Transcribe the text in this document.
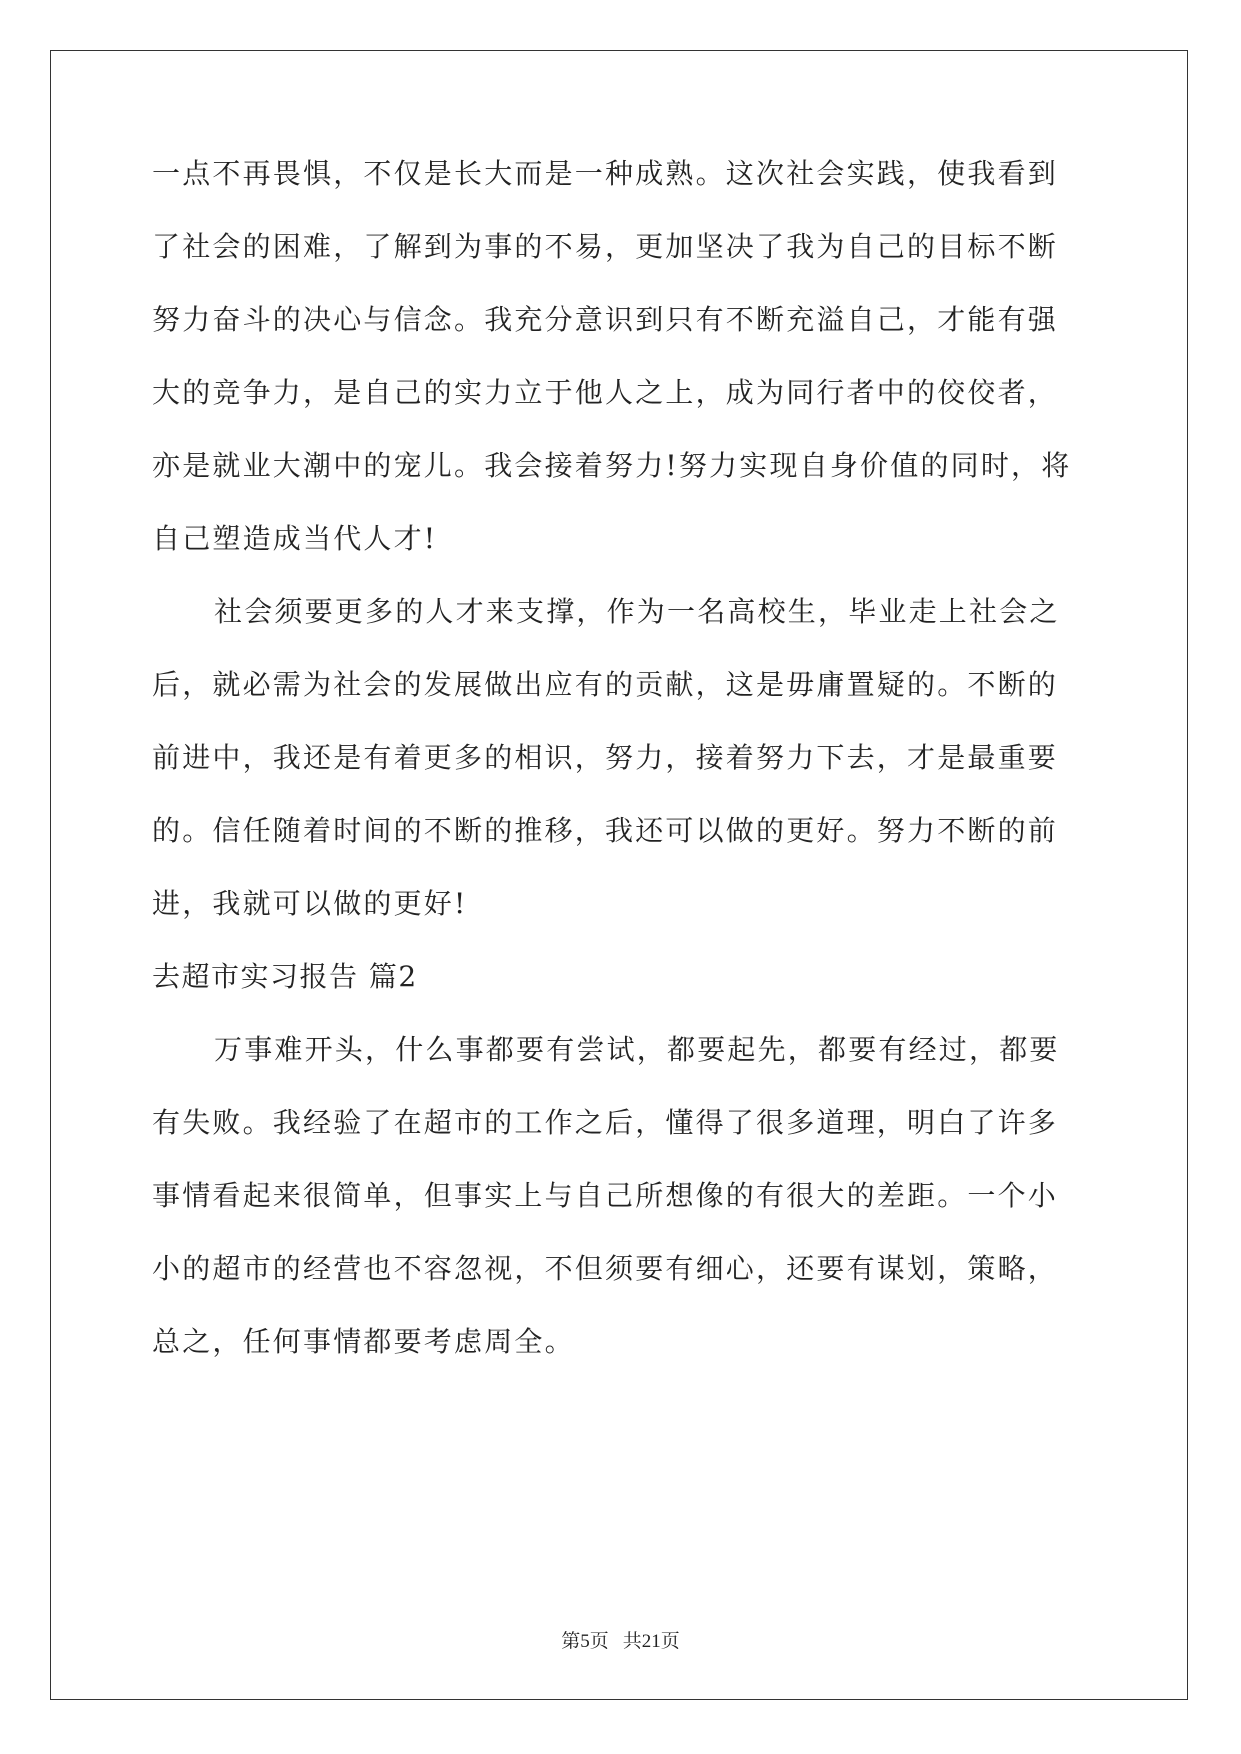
一点不再畏惧，不仅是长大而是一种成熟。这次社会实践，使我看到
了社会的困难，了解到为事的不易，更加坚决了我为自己的目标不断
努力奋斗的决心与信念。我充分意识到只有不断充溢自己，才能有强
大的竞争力，是自己的实力立于他人之上，成为同行者中的佼佼者，
亦是就业大潮中的宠儿。我会接着努力!努力实现自身价值的同时，将
自己塑造成当代人才!
社会须要更多的人才来支撑，作为一名高校生，毕业走上社会之
后，就必需为社会的发展做出应有的贡献，这是毋庸置疑的。不断的
前进中，我还是有着更多的相识，努力，接着努力下去，才是最重要
的。信任随着时间的不断的推移，我还可以做的更好。努力不断的前
进，我就可以做的更好!
去超市实习报告 篇2
万事难开头，什么事都要有尝试，都要起先，都要有经过，都要
有失败。我经验了在超市的工作之后，懂得了很多道理，明白了许多
事情看起来很简单，但事实上与自己所想像的有很大的差距。一个小
小的超市的经营也不容忽视，不但须要有细心，还要有谋划，策略，
总之，任何事情都要考虑周全。
第5页 共21页
